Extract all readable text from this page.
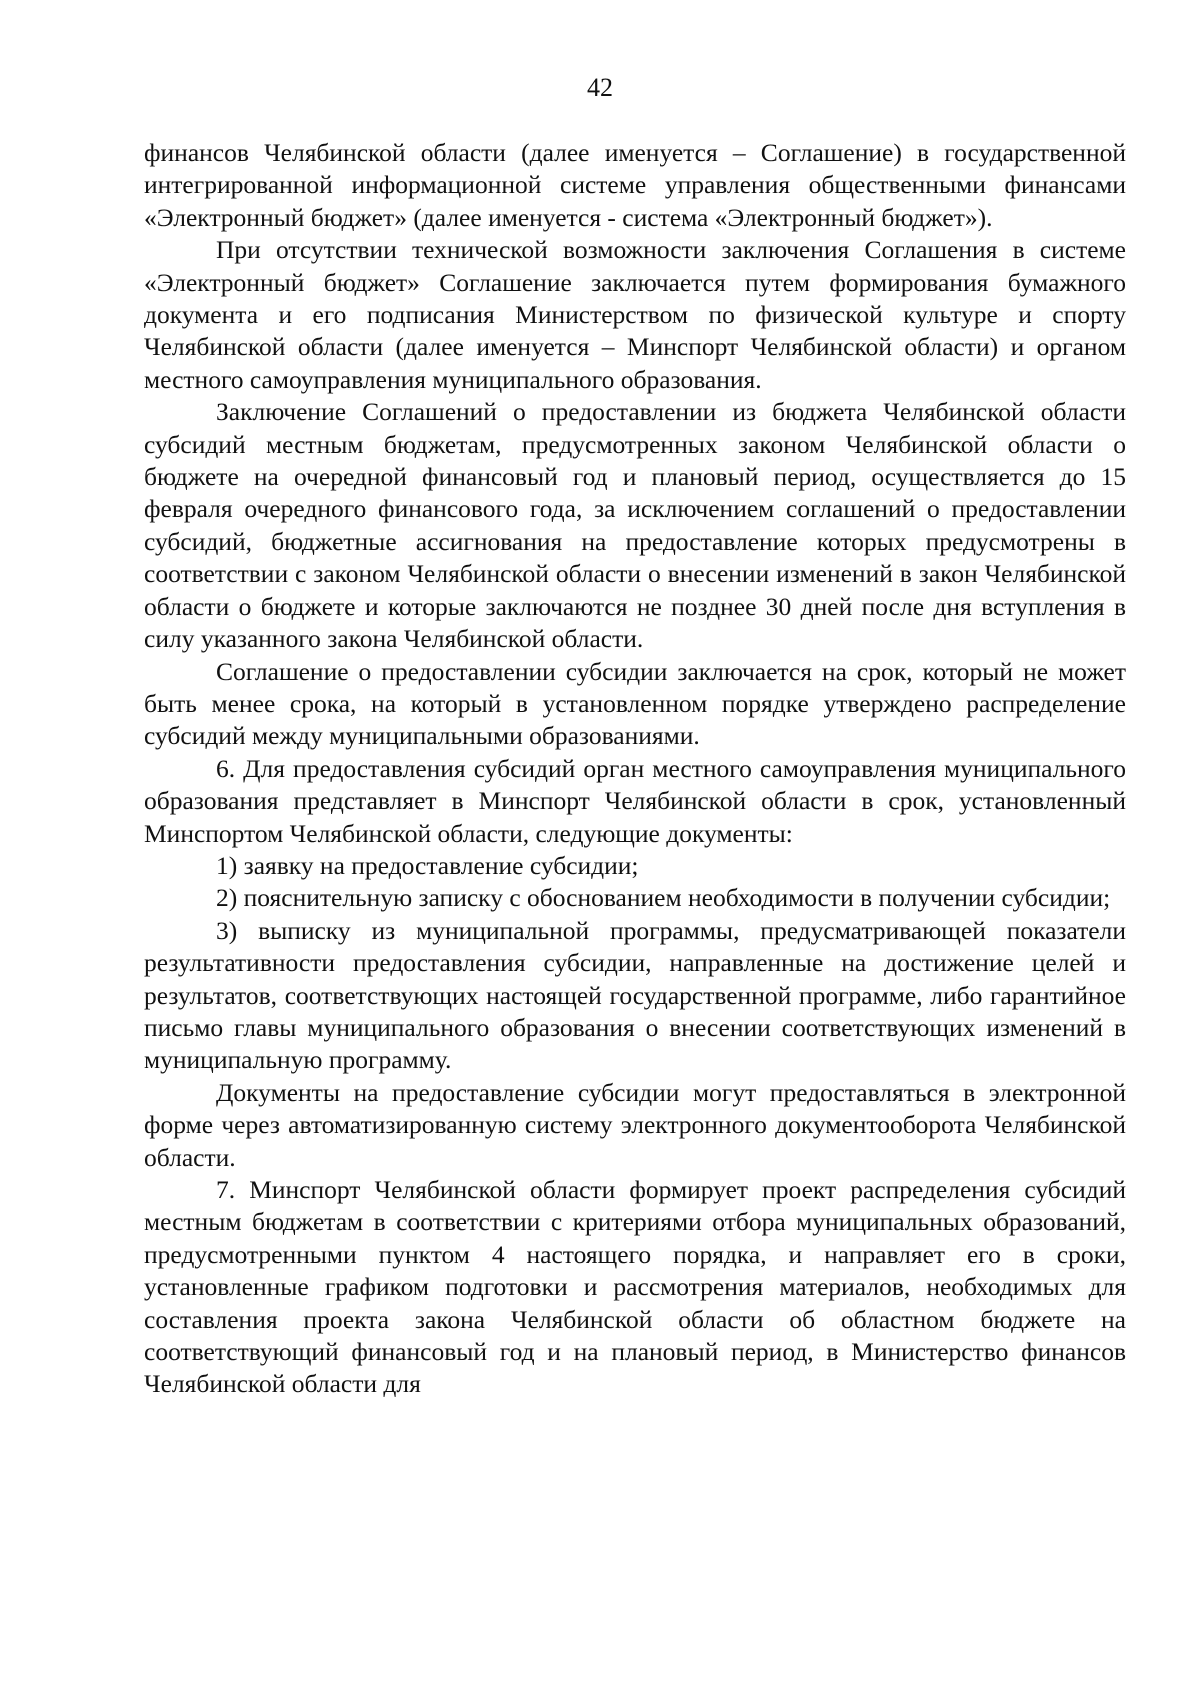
42

финансов Челябинской области (далее именуется – Соглашение) в государственной интегрированной информационной системе управления общественными финансами «Электронный бюджет» (далее именуется - система «Электронный бюджет»).

При отсутствии технической возможности заключения Соглашения в системе «Электронный бюджет» Соглашение заключается путем формирования бумажного документа и его подписания Министерством по физической культуре и спорту Челябинской области (далее именуется – Минспорт Челябинской области) и органом местного самоуправления муниципального образования.

Заключение Соглашений о предоставлении из бюджета Челябинской области субсидий местным бюджетам, предусмотренных законом Челябинской области о бюджете на очередной финансовый год и плановый период, осуществляется до 15 февраля очередного финансового года, за исключением соглашений о предоставлении субсидий, бюджетные ассигнования на предоставление которых предусмотрены в соответствии с законом Челябинской области о внесении изменений в закон Челябинской области о бюджете и которые заключаются не позднее 30 дней после дня вступления в силу указанного закона Челябинской области.

Соглашение о предоставлении субсидии заключается на срок, который не может быть менее срока, на который в установленном порядке утверждено распределение субсидий между муниципальными образованиями.

6. Для предоставления субсидий орган местного самоуправления муниципального образования представляет в Минспорт Челябинской области в срок, установленный Минспортом Челябинской области, следующие документы:

1) заявку на предоставление субсидии;

2) пояснительную записку с обоснованием необходимости в получении субсидии;

3) выписку из муниципальной программы, предусматривающей показатели результативности предоставления субсидии, направленные на достижение целей и результатов, соответствующих настоящей государственной программе, либо гарантийное письмо главы муниципального образования о внесении соответствующих изменений в муниципальную программу.

Документы на предоставление субсидии могут предоставляться в электронной форме через автоматизированную систему электронного документооборота Челябинской области.

7. Минспорт Челябинской области формирует проект распределения субсидий местным бюджетам в соответствии с критериями отбора муниципальных образований, предусмотренными пунктом 4 настоящего порядка, и направляет его в сроки, установленные графиком подготовки и рассмотрения материалов, необходимых для составления проекта закона Челябинской области об областном бюджете на соответствующий финансовый год и на плановый период, в Министерство финансов Челябинской области для
